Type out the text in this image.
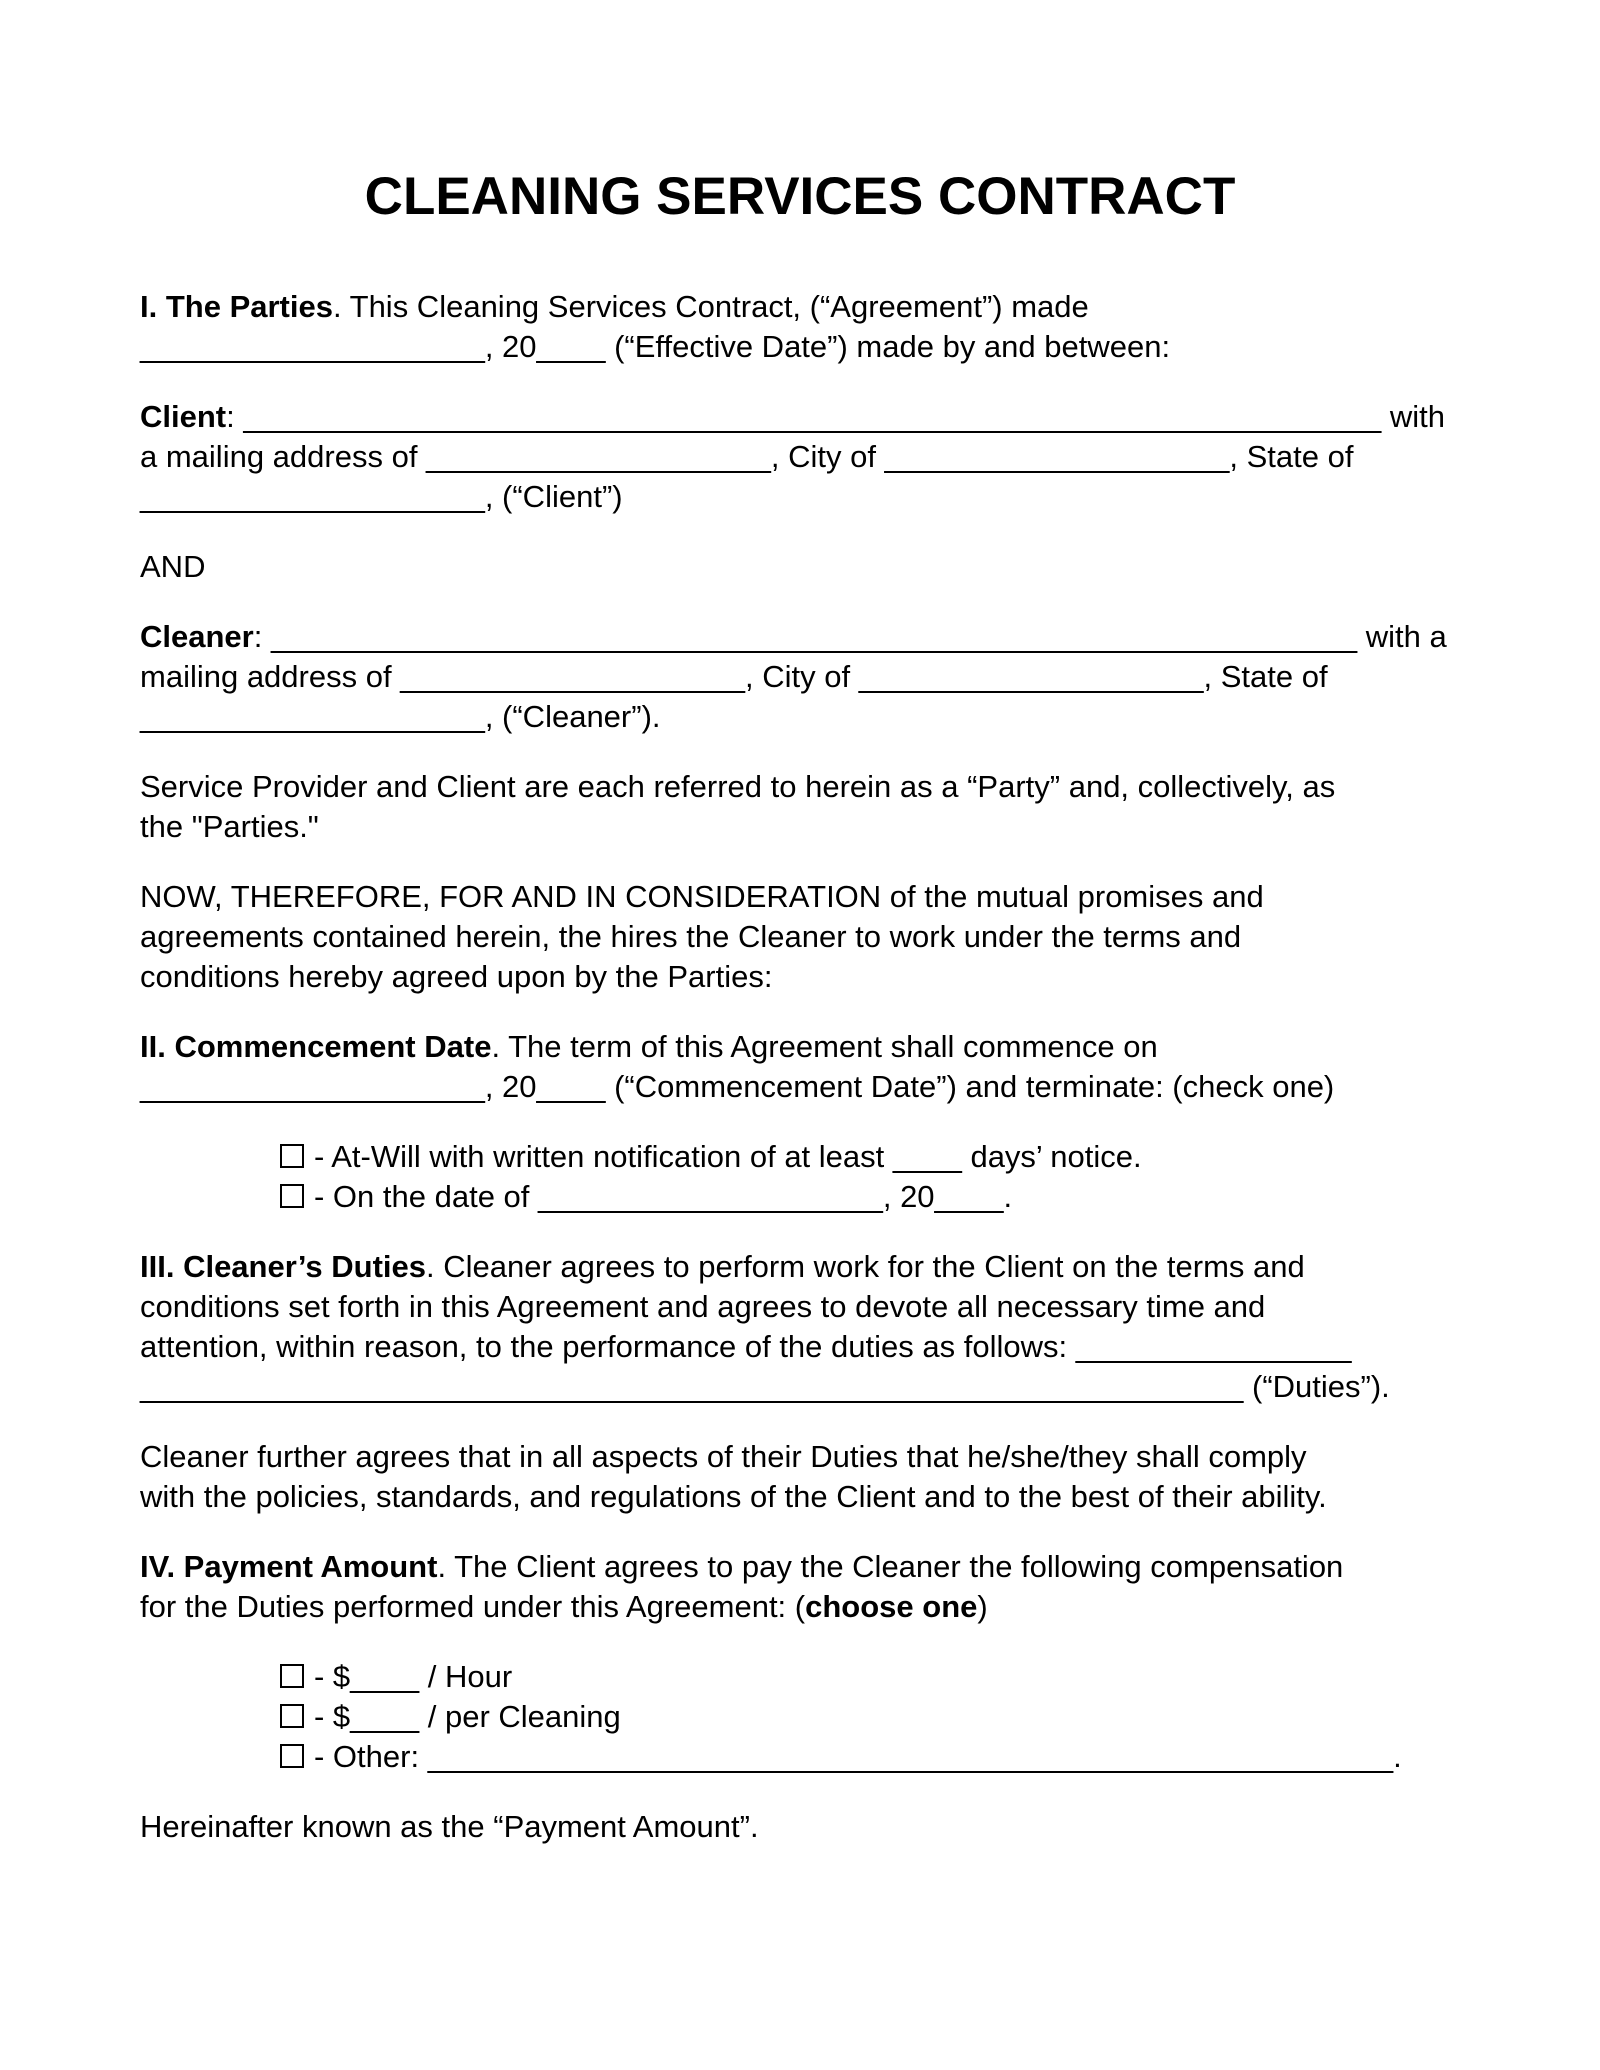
CLEANING SERVICES CONTRACT

I. The Parties. This Cleaning Services Contract, (“Agreement”) made
____________________, 20____ (“Effective Date”) made by and between:

Client: __________________________________________________________________ with
a mailing address of ____________________, City of ____________________, State of
____________________, (“Client”)

AND

Cleaner: _______________________________________________________________ with a
mailing address of ____________________, City of ____________________, State of
____________________, (“Cleaner”).

Service Provider and Client are each referred to herein as a “Party” and, collectively, as
the "Parties."

NOW, THEREFORE, FOR AND IN CONSIDERATION of the mutual promises and
agreements contained herein, the hires the Cleaner to work under the terms and
conditions hereby agreed upon by the Parties:

II. Commencement Date. The term of this Agreement shall commence on
____________________, 20____ (“Commencement Date”) and terminate: (check one)

- At-Will with written notification of at least ____ days’ notice.
- On the date of ____________________, 20____.

III. Cleaner’s Duties. Cleaner agrees to perform work for the Client on the terms and
conditions set forth in this Agreement and agrees to devote all necessary time and
attention, within reason, to the performance of the duties as follows: ________________
________________________________________________________________ (“Duties”).

Cleaner further agrees that in all aspects of their Duties that he/she/they shall comply
with the policies, standards, and regulations of the Client and to the best of their ability.

IV. Payment Amount. The Client agrees to pay the Cleaner the following compensation
for the Duties performed under this Agreement: (choose one)

- $____ / Hour
- $____ / per Cleaning
- Other: ________________________________________________________.

Hereinafter known as the “Payment Amount”.
